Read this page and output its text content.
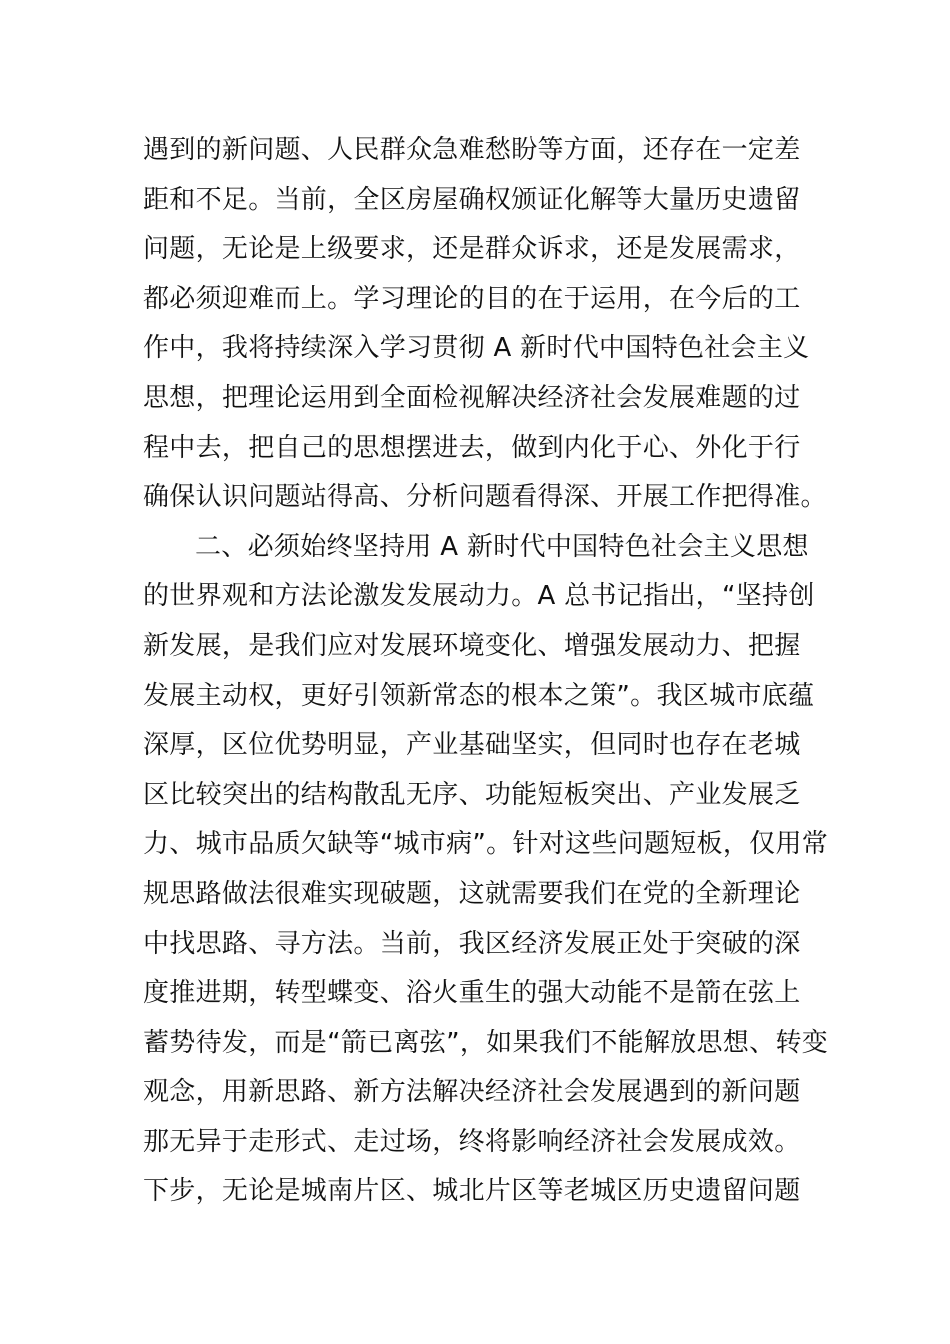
遇到的新问题、人民群众急难愁盼等方面，还存在一定差
距和不足。当前，全区房屋确权颁证化解等大量历史遗留
问题，无论是上级要求，还是群众诉求，还是发展需求，
都必须迎难而上。学习理论的目的在于运用，在今后的工
作中，我将持续深入学习贯彻 A 新时代中国特色社会主义
思想，把理论运用到全面检视解决经济社会发展难题的过
程中去，把自己的思想摆进去，做到内化于心、外化于行
确保认识问题站得高、分析问题看得深、开展工作把得准。
二、必须始终坚持用 A 新时代中国特色社会主义思想
的世界观和方法论激发发展动力。A 总书记指出，“坚持创
新发展，是我们应对发展环境变化、增强发展动力、把握
发展主动权，更好引领新常态的根本之策”。我区城市底蕴
深厚，区位优势明显，产业基础坚实，但同时也存在老城
区比较突出的结构散乱无序、功能短板突出、产业发展乏
力、城市品质欠缺等“城市病”。针对这些问题短板，仅用常
规思路做法很难实现破题，这就需要我们在党的全新理论
中找思路、寻方法。当前，我区经济发展正处于突破的深
度推进期，转型蝶变、浴火重生的强大动能不是箭在弦上
蓄势待发，而是“箭已离弦”，如果我们不能解放思想、转变
观念，用新思路、新方法解决经济社会发展遇到的新问题
那无异于走形式、走过场，终将影响经济社会发展成效。
下步，无论是城南片区、城北片区等老城区历史遗留问题
